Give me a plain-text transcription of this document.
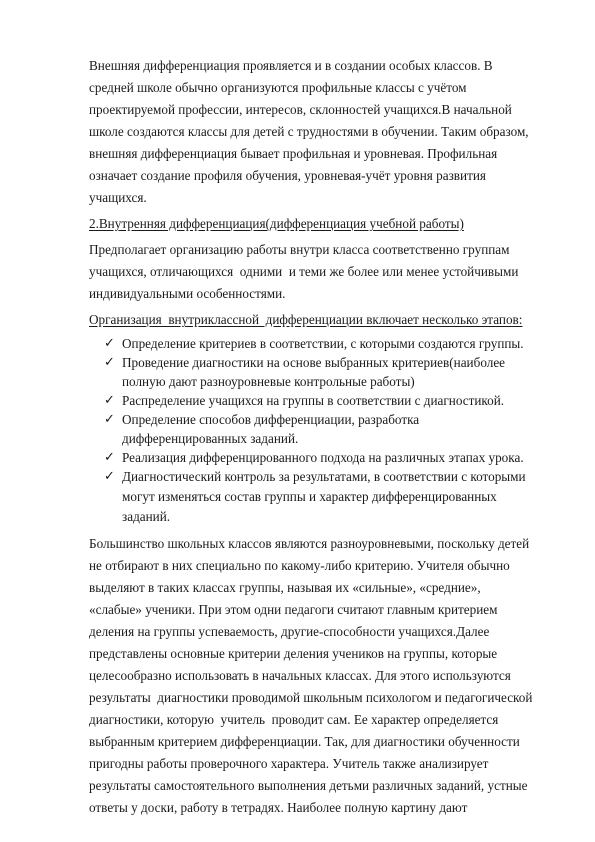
Внешняя дифференциация проявляется и в создании особых классов. В
средней школе обычно организуются профильные классы с учётом
проектируемой профессии, интересов, склонностей учащихся.В начальной
школе создаются классы для детей с трудностями в обучении. Таким образом,
внешняя дифференциация бывает профильная и уровневая. Профильная
означает создание профиля обучения, уровневая-учёт уровня развития
учащихся.
2.Внутренняя дифференциация(дифференциация учебной работы)
Предполагает организацию работы внутри класса соответственно группам
учащихся, отличающихся  одними  и теми же более или менее устойчивыми
индивидуальными особенностями.
Организация  внутриклассной  дифференциации включает несколько этапов:
✓ Определение критериев в соответствии, с которыми создаются группы.
✓ Проведение диагностики на основе выбранных критериев(наиболее
полную дают разноуровневые контрольные работы)
✓ Распределение учащихся на группы в соответствии с диагностикой.
✓ Определение способов дифференциации, разработка
дифференцированных заданий.
✓ Реализация дифференцированного подхода на различных этапах урока.
✓ Диагностический контроль за результатами, в соответствии с которыми
могут изменяться состав группы и характер дифференцированных
заданий.
Большинство школьных классов являются разноуровневыми, поскольку детей
не отбирают в них специально по какому-либо критерию. Учителя обычно
выделяют в таких классах группы, называя их «сильные», «средние»,
«слабые» ученики. При этом одни педагоги считают главным критерием
деления на группы успеваемость, другие-способности учащихся.Далее
представлены основные критерии деления учеников на группы, которые
целесообразно использовать в начальных классах. Для этого используются
результаты  диагностики проводимой школьным психологом и педагогической
диагностики, которую  учитель  проводит сам. Ее характер определяется
выбранным критерием дифференциации. Так, для диагностики обученности
пригодны работы проверочного характера. Учитель также анализирует
результаты самостоятельного выполнения детьми различных заданий, устные
ответы у доски, работу в тетрадях. Наиболее полную картину дают
